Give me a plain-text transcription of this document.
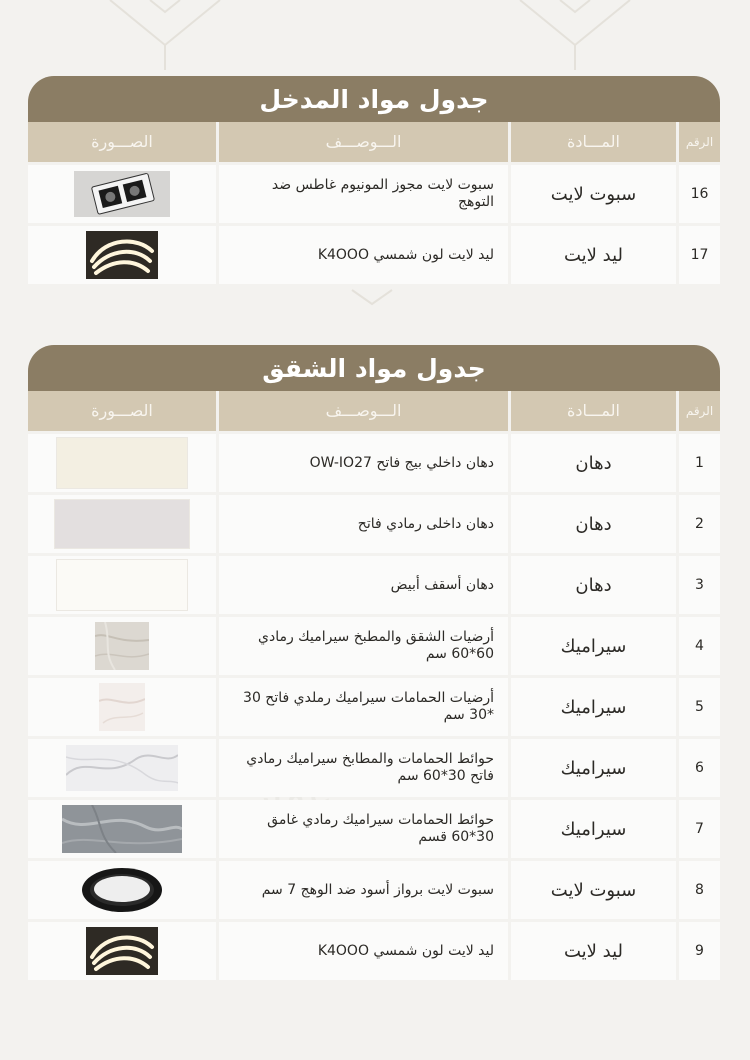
جدول مواد المدخل
الرقم
المـــادة
الـــوصـــف
الصـــورة
16
سبوت لايت
سبوت لايت مجوز المونيوم غاطس ضد التوهج
17
ليد لايت
ليد لايت لون شمسي K4OOO
جدول مواد الشقق
الرقم
المـــادة
الـــوصـــف
الصـــورة
1
دهان
دهان داخلي بيج فاتح OW-IO27
2
دهان
دهان داخلى رمادي فاتح
3
دهان
دهان أسقف أبيض
4
سيراميك
أرضيات الشقق والمطبخ سيراميك رمادي 60*60 سم
5
سيراميك
أرضيات الحمامات سيراميك رملدي فاتح 30 *30 سم
6
سيراميك
حوائط الحمامات والمطابخ سيراميك رمادي فاتح 30*60 سم
7
سيراميك
حوائط الحمامات سيراميك رمادي غامق 30*60 قسم
8
سبوت لايت
سبوت لايت برواز أسود ضد الوهج 7 سم
9
ليد لايت
ليد لايت لون شمسي K4OOO
